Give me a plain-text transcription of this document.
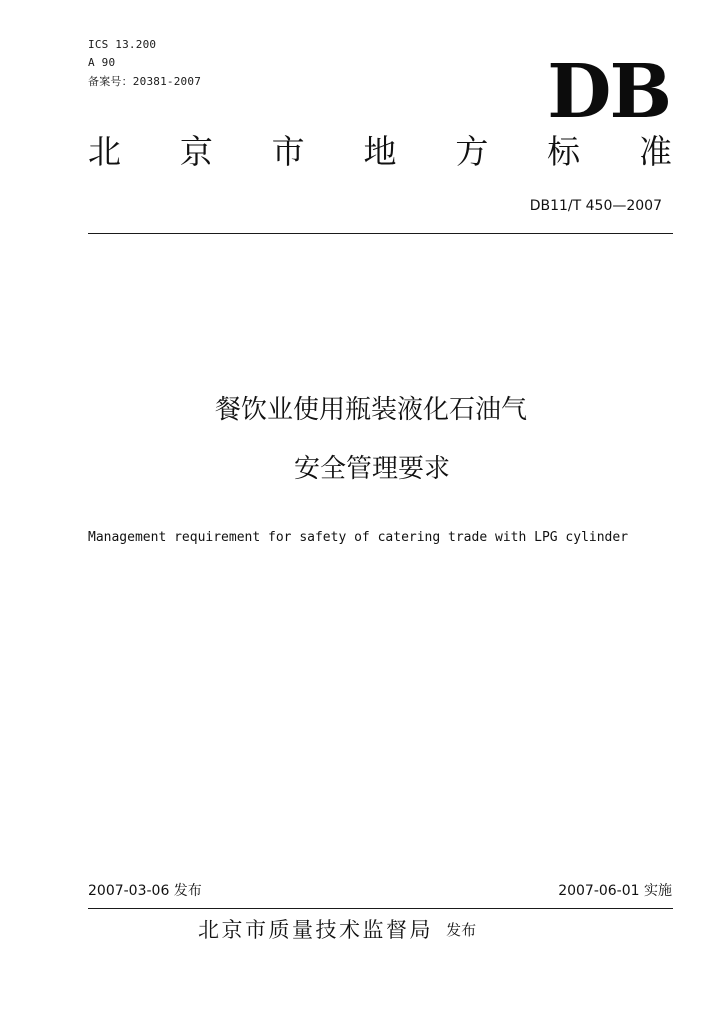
ICS 13.200
A 90
备案号：20381-2007	DB
北 京 市 地 方 标 准
DB11/T 450—2007
餐饮业使用瓶装液化石油气
安全管理要求
Management requirement for safety of catering trade with LPG cylinder
2007-03-06 发布	2007-06-01 实施
北京市质量技术监督局 发布
